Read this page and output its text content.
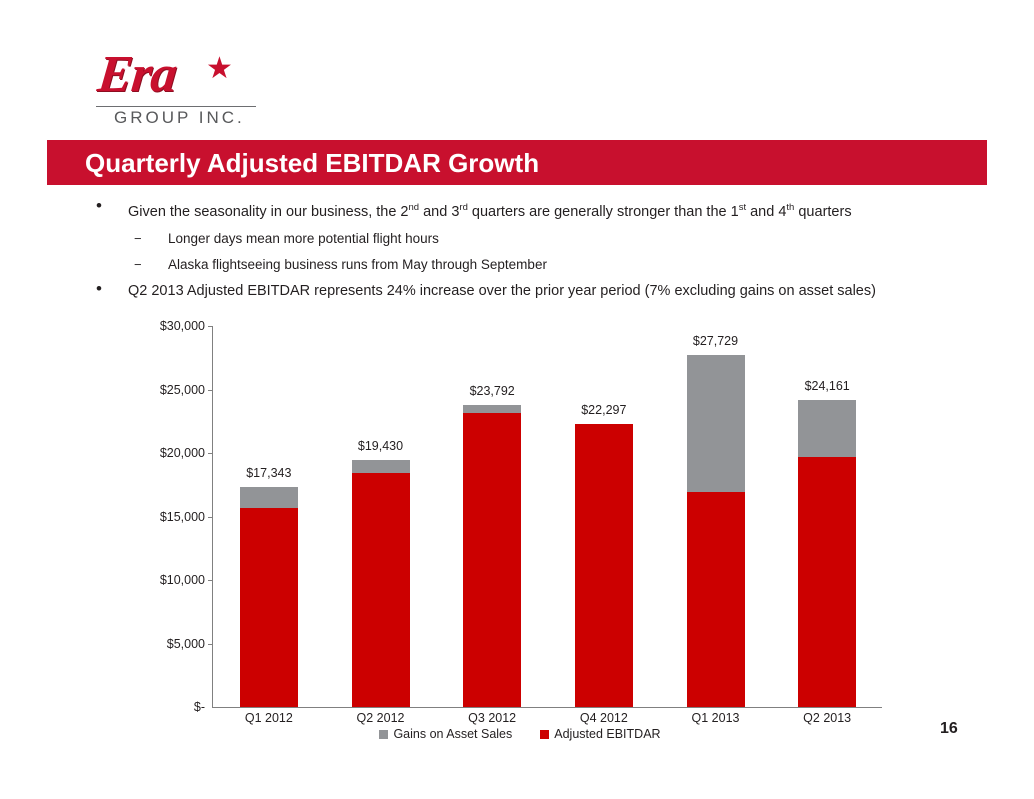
Era ★
GROUP INC.
Quarterly Adjusted EBITDAR Growth
• Given the seasonality in our business, the 2nd and 3rd quarters are generally stronger than the 1st and 4th quarters
− Longer days mean more potential flight hours
− Alaska flightseeing business runs from May through September
• Q2 2013 Adjusted EBITDAR represents 24% increase over the prior year period (7% excluding gains on asset sales)
$-
$5,000
$10,000
$15,000
$20,000
$25,000
$30,000
$17,343
Q1 2012
$19,430
Q2 2012
$23,792
Q3 2012
$22,297
Q4 2012
$27,729
Q1 2013
$24,161
Q2 2013
Gains on Asset Sales	Adjusted EBITDAR	16
